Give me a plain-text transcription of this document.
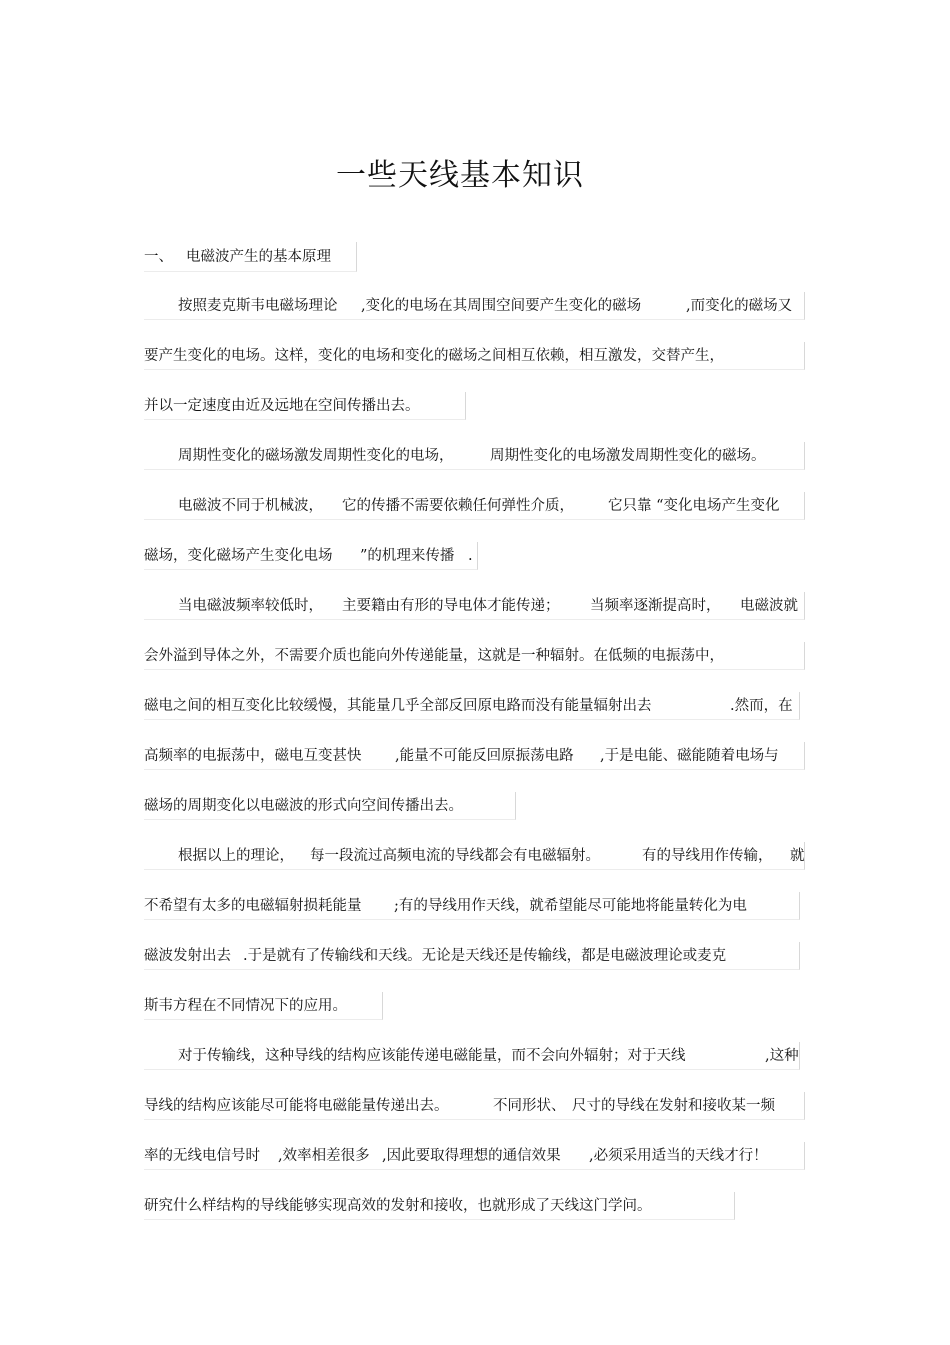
一些天线基本知识
一、 电磁波产生的基本原理
按照麦克斯韦电磁场理论 ,变化的电场在其周围空间要产生变化的磁场	,而变化的磁场又
要产生变化的电场。这样，变化的电场和变化的磁场之间相互依赖，相互激发，交替产生，
并以一定速度由近及远地在空间传播出去。
周期性变化的磁场激发周期性变化的电场，	周期性变化的电场激发周期性变化的磁场。
电磁波不同于机械波， 它的传播不需要依赖任何弹性介质， 它只靠 “变化电场产生变化
磁场，变化磁场产生变化电场 ”的机理来传播 .
当电磁波频率较低时， 主要籍由有形的导电体才能传递； 当频率逐渐提高时， 电磁波就
会外溢到导体之外，不需要介质也能向外传递能量，这就是一种辐射。在低频的电振荡中，
磁电之间的相互变化比较缓慢，其能量几乎全部反回原电路而没有能量辐射出去	.然而，在
高频率的电振荡中，磁电互变甚快 ,能量不可能反回原振荡电路 ,于是电能、磁能随着电场与
磁场的周期变化以电磁波的形式向空间传播出去。
根据以上的理论， 每一段流过高频电流的导线都会有电磁辐射。	有的导线用作传输， 就
不希望有太多的电磁辐射损耗能量 ;有的导线用作天线，就希望能尽可能地将能量转化为电
磁波发射出去 .于是就有了传输线和天线。无论是天线还是传输线，都是电磁波理论或麦克
斯韦方程在不同情况下的应用。
对于传输线，这种导线的结构应该能传递电磁能量，而不会向外辐射；对于天线	,这种
导线的结构应该能尽可能将电磁能量传递出去。	不同形状、 尺寸的导线在发射和接收某一频
率的无线电信号时 ,效率相差很多 ,因此要取得理想的通信效果 ,必须采用适当的天线才行！
研究什么样结构的导线能够实现高效的发射和接收，也就形成了天线这门学问。
